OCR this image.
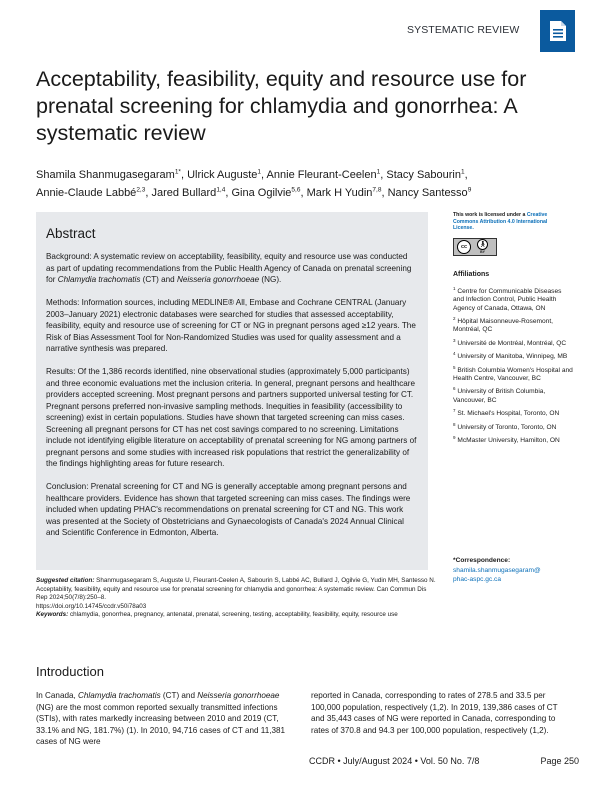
SYSTEMATIC REVIEW
Acceptability, feasibility, equity and resource use for prenatal screening for chlamydia and gonorrhea: A systematic review
Shamila Shanmugasegaram$^{1*}$, Ulrick Auguste$^1$, Annie Fleurant-Ceelen$^1$, Stacy Sabourin$^1$,
Annie-Claude Labbé$^{2,3}$, Jared Bullard$^{1,4}$, Gina Ogilvie$^{5,6}$, Mark H Yudin$^{7,8}$, Nancy Santesso$^9$
Abstract

Background: A systematic review on acceptability, feasibility, equity and resource use was conducted as part of updating recommendations from the Public Health Agency of Canada on prenatal screening for Chlamydia trachomatis (CT) and Neisseria gonorrhoeae (NG).

Methods: Information sources, including MEDLINE® All, Embase and Cochrane CENTRAL (January 2003–January 2021) electronic databases were searched for studies that assessed acceptability, feasibility, equity and resource use of screening for CT or NG in pregnant persons aged ≥12 years. The Risk of Bias Assessment Tool for Non-Randomized Studies was used for quality assessment and a narrative synthesis was prepared.

Results: Of the 1,386 records identified, nine observational studies (approximately 5,000 participants) and three economic evaluations met the inclusion criteria. In general, pregnant persons and healthcare providers accepted screening. Most pregnant persons and partners supported universal testing for CT. Pregnant persons preferred non-invasive sampling methods. Inequities in feasibility (accessibility to screening) exist in certain populations. Studies have shown that targeted screening can miss cases. Screening all pregnant persons for CT has net cost savings compared to no screening. Limitations include not identifying eligible literature on acceptability of prenatal screening for NG among partners of pregnant persons and some studies with increased risk populations that restrict the generalizability of the findings highlighting areas for future research.

Conclusion: Prenatal screening for CT and NG is generally acceptable among pregnant persons and healthcare providers. Evidence has shown that targeted screening can miss cases. The findings were included when updating PHAC's recommendations on prenatal screening for CT and NG. This work was presented at the Society of Obstetricians and Gynaecologists of Canada's 2024 Annual Clinical and Scientific Conference in Edmonton, Alberta.

This work is licensed under a Creative Commons Attribution 4.0 International License.
cc	🚶︎
BY
Affiliations
$^1$ Centre for Communicable Diseases and Infection Control, Public Health Agency of Canada, Ottawa, ON
$^2$ Hôpital Maisonneuve-Rosemont, Montréal, QC
$^3$ Université de Montréal, Montréal, QC
$^4$ University of Manitoba, Winnipeg, MB
$^5$ British Columbia Women's Hospital and Health Centre, Vancouver, BC
$^6$ University of British Columbia, Vancouver, BC
$^7$ St. Michael's Hospital, Toronto, ON
$^8$ University of Toronto, Toronto, ON
$^9$ McMaster University, Hamilton, ON
*Correspondence:
shamila.shanmugasegaram@
phac-aspc.gc.ca
Suggested citation: Shanmugasegaram S, Auguste U, Fleurant-Ceelen A, Sabourin S, Labbé AC, Bullard J, Ogilvie G, Yudin MH, Santesso N. Acceptability, feasibility, equity and resource use for prenatal screening for chlamydia and gonorrhea: A systematic review. Can Commun Dis Rep 2024;50(7/8):250–8.
https://doi.org/10.14745/ccdr.v50i78a03
Keywords: chlamydia, gonorrhea, pregnancy, antenatal, prenatal, screening, testing, acceptability, feasibility, equity, resource use
Introduction

In Canada, Chlamydia trachomatis (CT) and Neisseria gonorrhoeae (NG) are the most common reported sexually transmitted infections (STIs), with rates markedly increasing between 2010 and 2019 (CT, 33.1% and NG, 181.7%) (1). In 2010, 94,716 cases of CT and 11,381 cases of NG were

reported in Canada, corresponding to rates of 278.5 and 33.5 per 100,000 population, respectively (1,2). In 2019, 139,386 cases of CT and 35,443 cases of NG were reported in Canada, corresponding to rates of 370.8 and 94.3 per 100,000 population, respectively (1,2).

CCDR • July/August 2024 • Vol. 50 No. 7/8	Page 250
